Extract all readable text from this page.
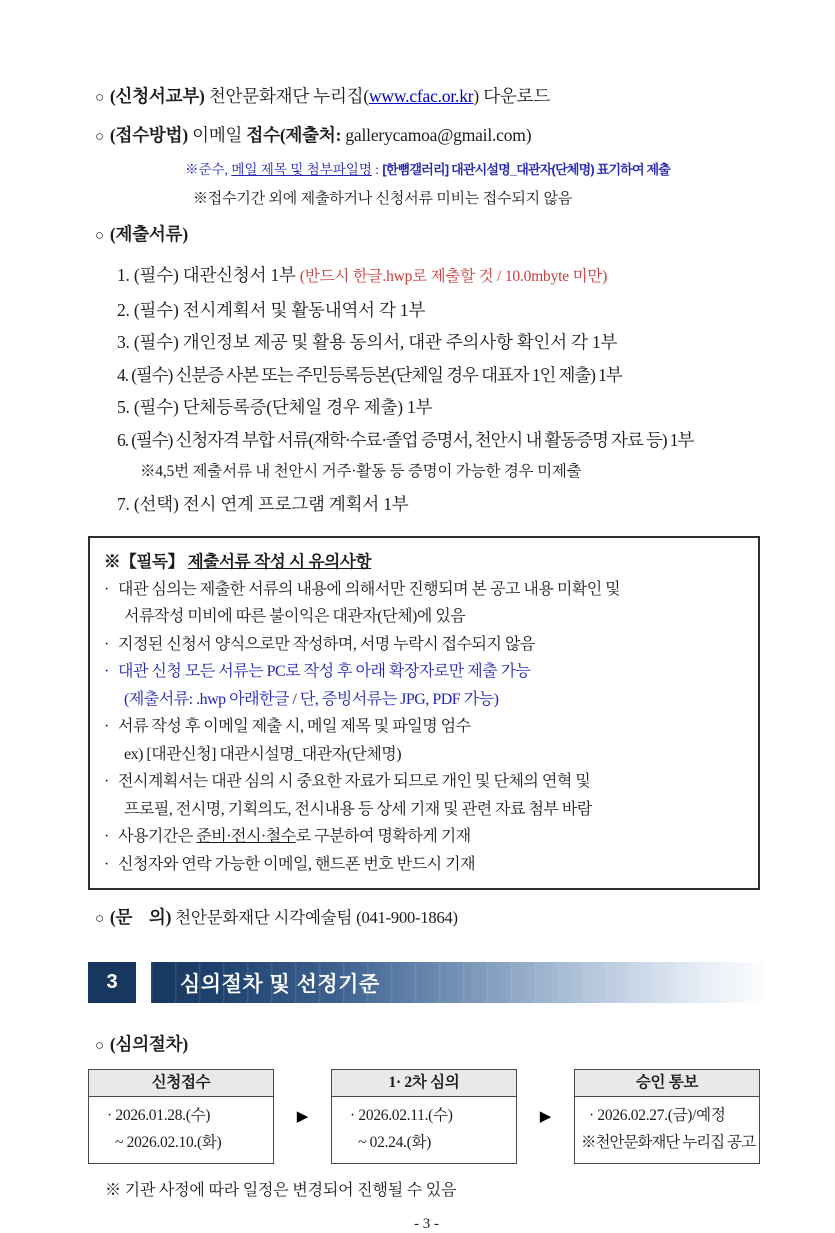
○ (신청서교부) 천안문화재단 누리집(www.cfac.or.kr) 다운로드
○ (접수방법) 이메일 접수(제출처: gallerycamoa@gmail.com)
※준수, 메일 제목 및 첨부파일명 : [한뼘갤러리] 대관시설명_대관자(단체명) 표기하여 제출
※접수기간 외에 제출하거나 신청서류 미비는 접수되지 않음
○ (제출서류)
1. (필수) 대관신청서 1부 (반드시 한글.hwp로 제출할 것 / 10.0mbyte 미만)
2. (필수) 전시계획서 및 활동내역서 각 1부
3. (필수) 개인정보 제공 및 활용 동의서, 대관 주의사항 확인서 각 1부
4. (필수) 신분증 사본 또는 주민등록등본(단체일 경우 대표자 1인 제출) 1부
5. (필수) 단체등록증(단체일 경우 제출) 1부
6. (필수) 신청자격 부합 서류(재학·수료·졸업 증명서, 천안시 내 활동증명 자료 등) 1부
※4,5번 제출서류 내 천안시 거주·활동 등 증명이 가능한 경우 미제출
7. (선택) 전시 연계 프로그램 계획서 1부
※【필독】 제출서류 작성 시 유의사항
· 대관 심의는 제출한 서류의 내용에 의해서만 진행되며 본 공고 내용 미확인 및
서류작성 미비에 따른 불이익은 대관자(단체)에 있음
· 지정된 신청서 양식으로만 작성하며, 서명 누락시 접수되지 않음
· 대관 신청 모든 서류는 PC로 작성 후 아래 확장자로만 제출 가능
(제출서류: .hwp 아래한글 / 단, 증빙서류는 JPG, PDF 가능)
· 서류 작성 후 이메일 제출 시, 메일 제목 및 파일명 엄수
ex) [대관신청] 대관시설명_대관자(단체명)
· 전시계획서는 대관 심의 시 중요한 자료가 되므로 개인 및 단체의 연혁 및
프로필, 전시명, 기획의도, 전시내용 등 상세 기재 및 관련 자료 첨부 바람
· 사용기간은 준비·전시·철수로 구분하여 명확하게 기재
· 신청자와 연락 가능한 이메일, 핸드폰 번호 반드시 기재
○ (문    의) 천안문화재단 시각예술팀 (041-900-1864)
3	심의절차 및 선정기준
○ (심의절차)
신청접수
· 2026.01.28.(수)
~ 2026.02.10.(화)
▶
1· 2차 심의
· 2026.02.11.(수)
~ 02.24.(화)
▶
승인 통보
· 2026.02.27.(금)/예정
※천안문화재단 누리집 공고
※ 기관 사정에 따라 일정은 변경되어 진행될 수 있음
- 3 -
